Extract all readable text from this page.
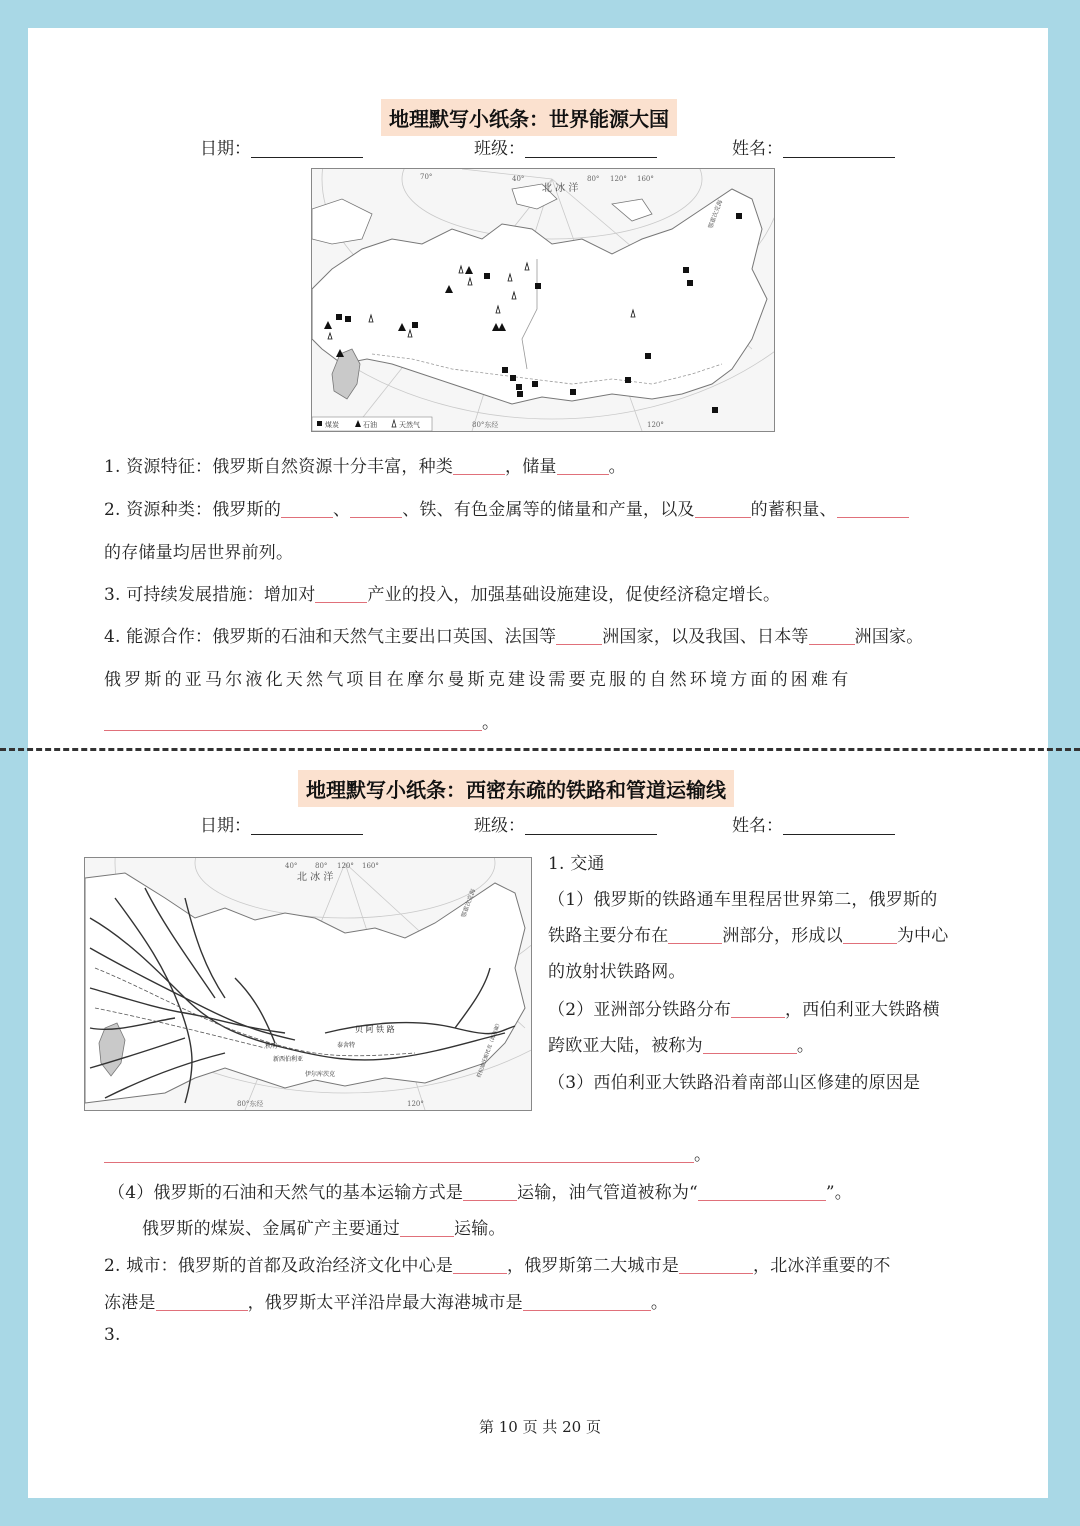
地理默写小纸条：世界能源大国
日期：	班级：	姓名：
40°
70°	80° 120° 160°
北 冰 洋
鄂霍次克海
80°东经	120°
煤炭	石油	天然气
1. 资源特征：俄罗斯自然资源十分丰富，种类	，储量	。
2. 资源种类：俄罗斯的	、	、铁、有色金属等的储量和产量，以及	的蓄积量、
的存储量均居世界前列。
3. 可持续发展措施：增加对	产业的投入，加强基础设施建设，促使经济稳定增长。
4. 能源合作：俄罗斯的石油和天然气主要出口英国、法国等	洲国家，以及我国、日本等	洲国家。
俄罗斯的亚马尔液化天然气项目在摩尔曼斯克建设需要克服的自然环境方面的困难有
。
地理默写小纸条：西密东疏的铁路和管道运输线
日期：	班级：	姓名：
40°	80° 120° 160°
北 冰 洋
鄂霍次克海
秋明
新西伯利亚
伊尔库茨克
泰舍特
贝 阿 铁 路	符拉迪沃斯托克（海参崴）
80°东经	120°
1. 交通
（1）俄罗斯的铁路通车里程居世界第二，俄罗斯的
铁路主要分布在	洲部分，形成以	为中心
的放射状铁路网。
（2）亚洲部分铁路分布	，西伯利亚大铁路横
跨欧亚大陆，被称为	。
（3）西伯利亚大铁路沿着南部山区修建的原因是
。
（4）俄罗斯的石油和天然气的基本运输方式是	运输，油气管道被称为“	”。
俄罗斯的煤炭、金属矿产主要通过	运输。
2. 城市：俄罗斯的首都及政治经济文化中心是	，俄罗斯第二大城市是	，北冰洋重要的不
冻港是	，俄罗斯太平洋沿岸最大海港城市是	。
3.
第 10 页 共 20 页
